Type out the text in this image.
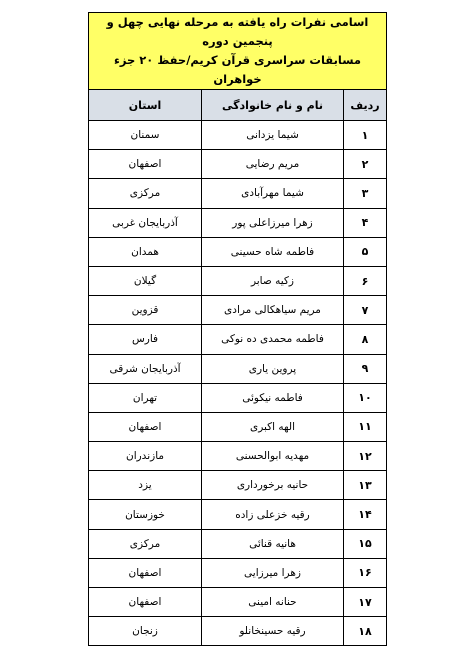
اسامی نفرات راه یافته به مرحله نهایی چهل و پنجمین دوره
مسابقات سراسری قرآن کریم/حفظ ۲۰ جزء خواهران		

ردیف	نام و نام خانوادگی	استان
۱	شیما یزدانی	سمنان
۲	مریم رضایی	اصفهان
۳	شیما مهرآبادی	مرکزی
۴	زهرا میرزاعلی پور	آذربایجان غربی
۵	فاطمه شاه حسینی	همدان
۶	زکیه صابر	گیلان
۷	مریم سیاهکالی مرادی	قزوین
۸	فاطمه محمدی ده نوکی	فارس
۹	پروین یاری	آذربایجان شرقی
۱۰	فاطمه نیکوئی	تهران
۱۱	الهه اکبری	اصفهان
۱۲	مهدیه ابوالحسنی	مازندران
۱۳	حانیه برخورداری	یزد
۱۴	رقیه خزعلی زاده	خوزستان
۱۵	هانیه قنائی	مرکزی
۱۶	زهرا میرزایی	اصفهان
۱۷	حنانه امینی	اصفهان
۱۸	رقیه حسینخانلو	زنجان
